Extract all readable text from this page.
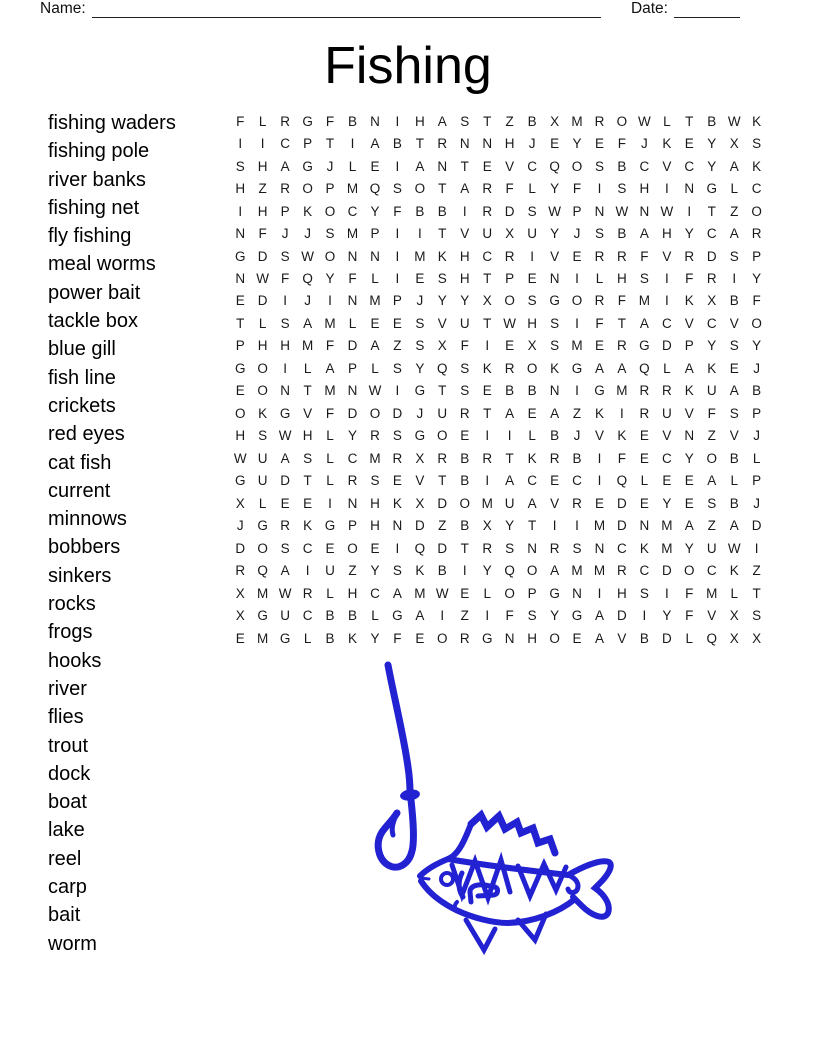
Name:	Date:
Fishing
fishing waders
fishing pole
river banks
fishing net
fly fishing
meal worms
power bait
tackle box
blue gill
fish line
crickets
red eyes
cat fish
current
minnows
bobbers
sinkers
rocks
frogs
hooks
river
flies
trout
dock
boat
lake
reel
carp
bait
worm
F	L	R G F	B N	I	H A S	T	Z	B X M R O W L	T	B W K
I	I	C P	T	I	A B	T R N N H	J	E Y E	F	J	K E Y X S
S H A G	J	L	E	I	A N T	E V C Q O S B C V C Y A K
H Z R O P M Q S O T	A R F	L	Y	F	I	S H	I	N G L	C
I	H P K O C Y	F	B B	I	R D S W P N W N W	I	T	Z O
N F	J	J	S M P	I	I	T	V U X U Y	J	S B A H Y C A R
G D S W O N N	I	M K H C R	I	V E R R F	V R D S P
N W F Q Y	F	L	I	E S H T	P E N	I	L	H S	I	F R	I	Y
E D	I	J	I	N M P	J	Y Y X O S G O R F M	I	K X B	F
T	L	S A M L	E E S V U T W H S	I	F	T	A C V C V O
P H H M F D A	Z	S X	F	I	E X S M E R G D P Y S Y
G O	I	L	A P	L	S Y Q S K R O K G A A Q L	A K E	J
E O N T M N W	I	G T	S E B B N	I	G M R R K U A B
O K G V	F D O D	J	U R T	A E A	Z	K	I	R U V	F	S P
H S W H	L	Y R S G O E	I	I	L	B	J	V K E V N Z	V	J
W U A S	L	C M R X R B R T	K R B	I	F	E C Y O B	L
G U D T	L	R S E V	T	B	I	A C E C	I	Q L	E E A	L	P
X	L	E E	I	N H K X D O M U A V R E D E Y E S B	J
J	G R K G P H N D Z	B X Y	T	I	I	M D N M A	Z	A D
D O S C E O E	I	Q D T R S N R S N C K M Y U W	I
R Q A	I	U Z	Y S K B	I	Y Q O A M M R C D O C K	Z
X M W R	L	H C A M W E	L O P G N	I	H S	I	F M L	T
X G U C B B	L G A	I	Z	I	F	S Y G A D	I	Y	F	V X S
E M G L	B K Y	F	E O R G N H O E A V B D	L Q X X
